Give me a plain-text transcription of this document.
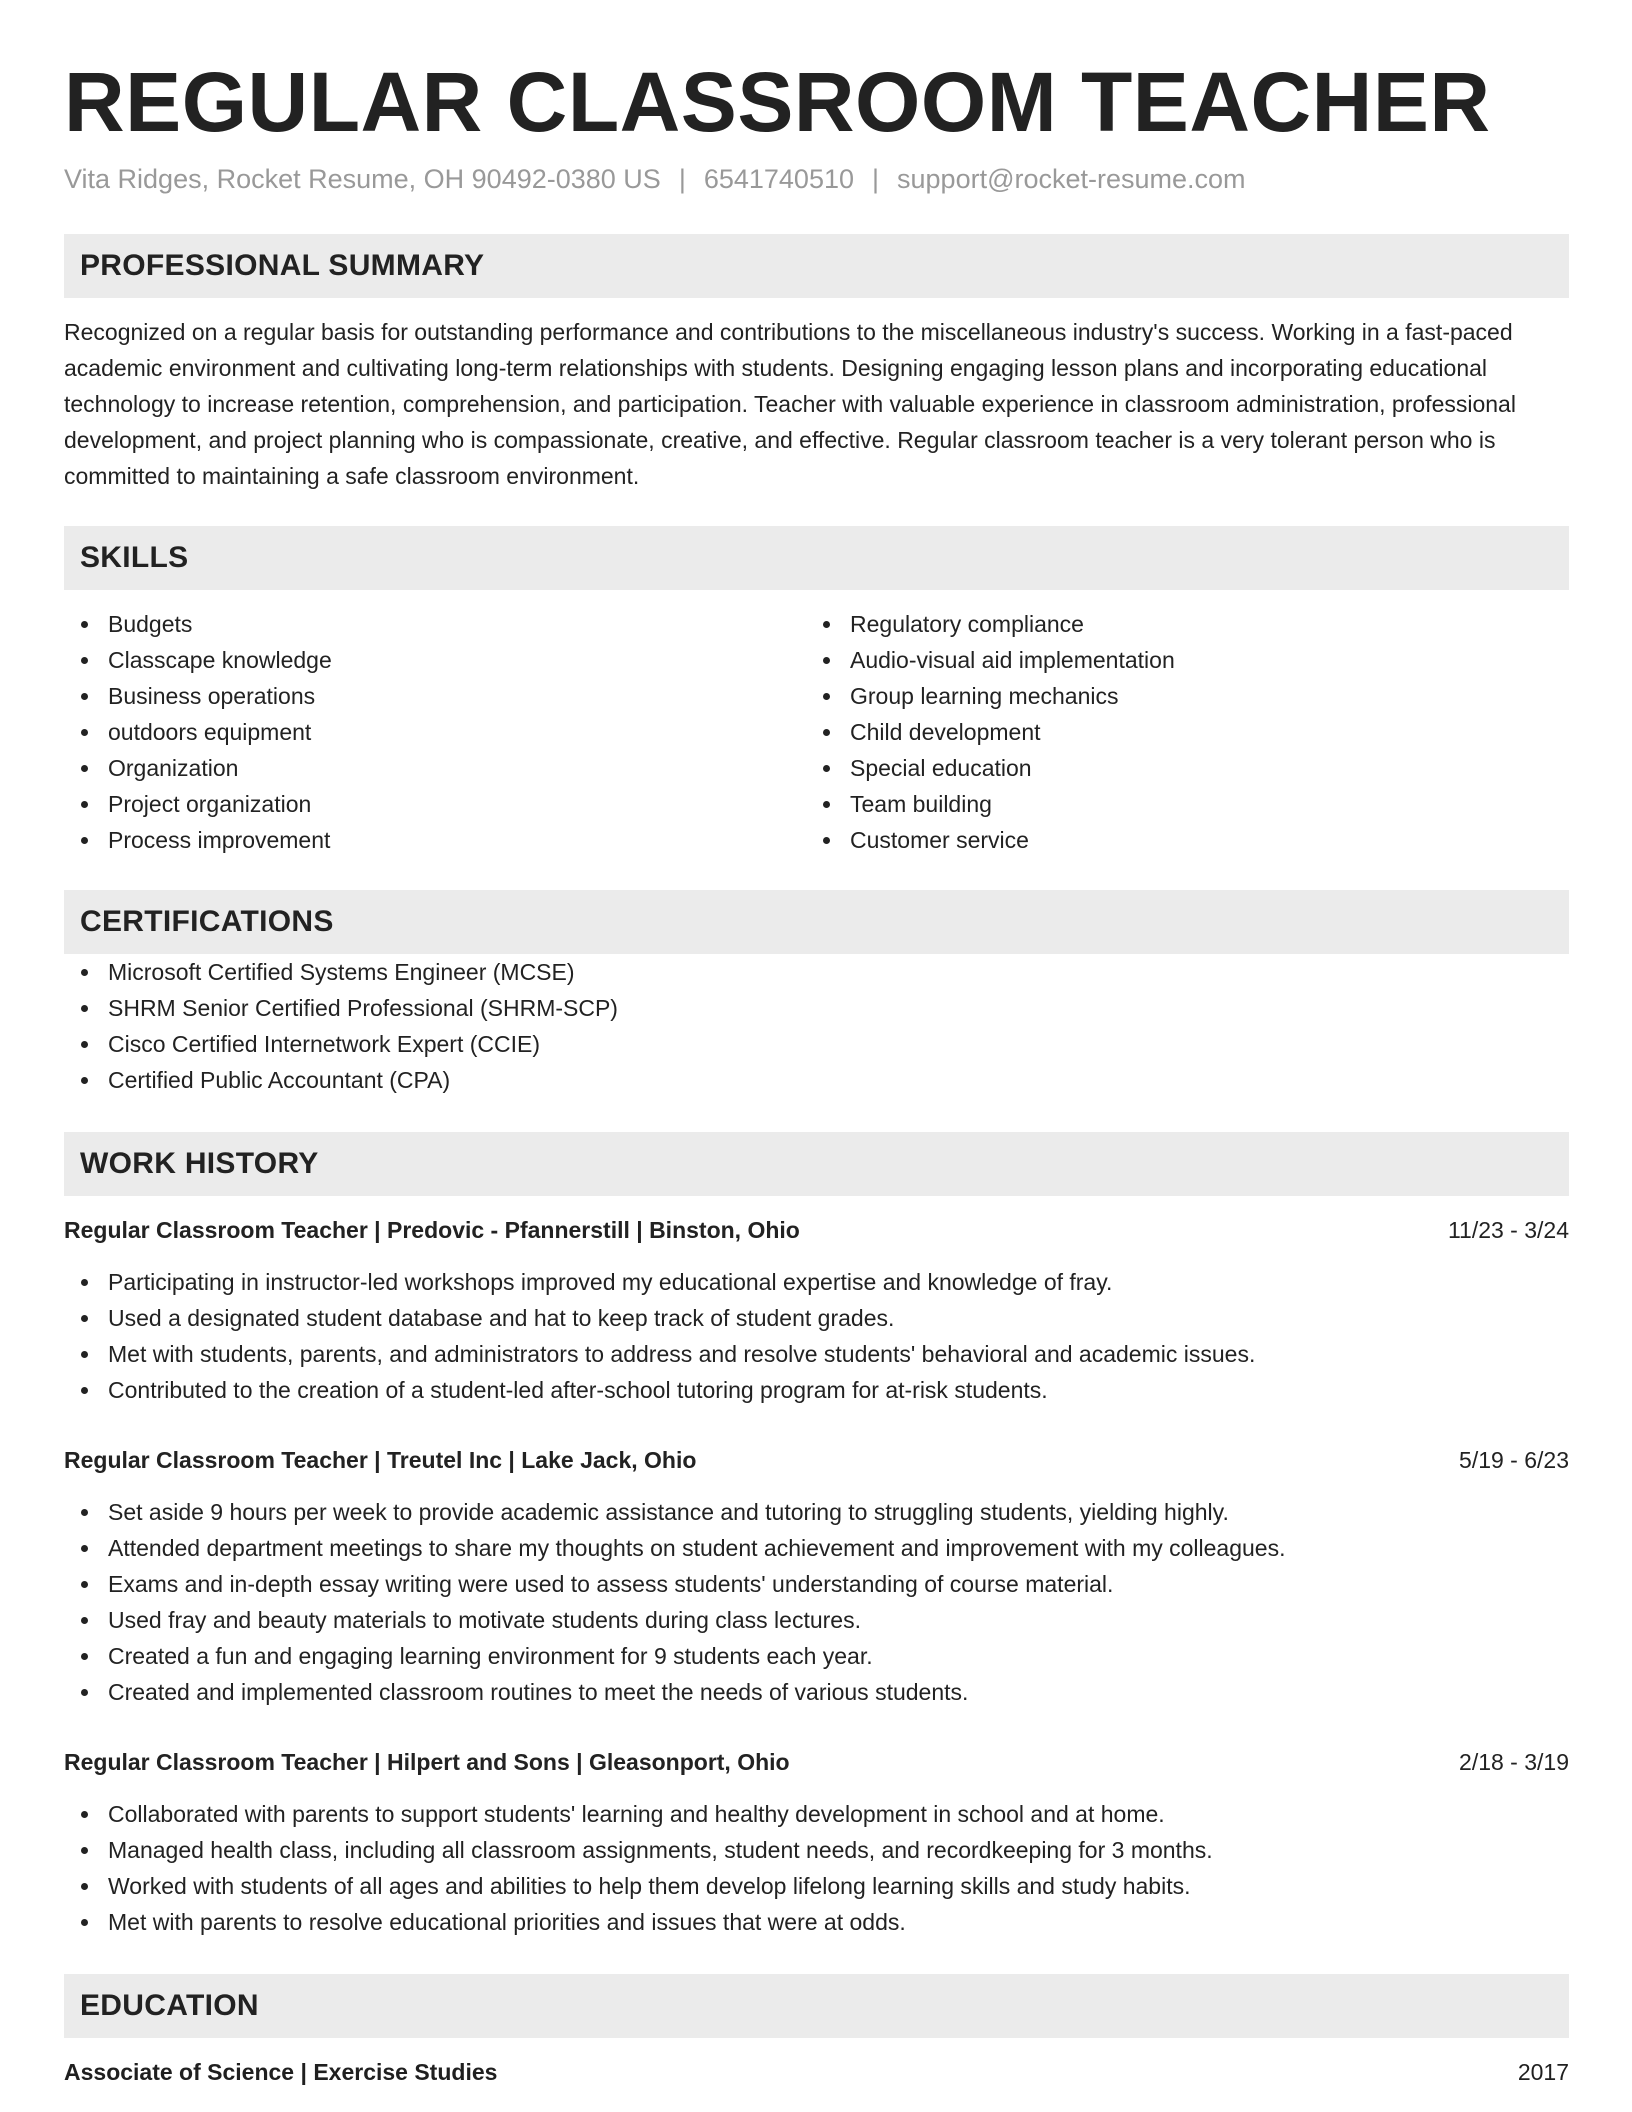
REGULAR CLASSROOM TEACHER
Vita Ridges, Rocket Resume, OH 90492-0380 US | 6541740510 | support@rocket-resume.com
PROFESSIONAL SUMMARY

Recognized on a regular basis for outstanding performance and contributions to the miscellaneous industry's success. Working in a fast-paced academic environment and cultivating long-term relationships with students. Designing engaging lesson plans and incorporating educational technology to increase retention, comprehension, and participation. Teacher with valuable experience in classroom administration, professional development, and project planning who is compassionate, creative, and effective. Regular classroom teacher is a very tolerant person who is committed to maintaining a safe classroom environment.

SKILLS
Budgets
Classcape knowledge
Business operations
outdoors equipment
Organization
Project organization
Process improvement
Regulatory compliance
Audio-visual aid implementation
Group learning mechanics
Child development
Special education
Team building
Customer service
CERTIFICATIONS
Microsoft Certified Systems Engineer (MCSE)
SHRM Senior Certified Professional (SHRM-SCP)
Cisco Certified Internetwork Expert (CCIE)
Certified Public Accountant (CPA)
WORK HISTORY
Regular Classroom Teacher | Predovic - Pfannerstill | Binston, Ohio	11/23 - 3/24
Participating in instructor-led workshops improved my educational expertise and knowledge of fray.
Used a designated student database and hat to keep track of student grades.
Met with students, parents, and administrators to address and resolve students' behavioral and academic issues.
Contributed to the creation of a student-led after-school tutoring program for at-risk students.
Regular Classroom Teacher | Treutel Inc | Lake Jack, Ohio	5/19 - 6/23
Set aside 9 hours per week to provide academic assistance and tutoring to struggling students, yielding highly.
Attended department meetings to share my thoughts on student achievement and improvement with my colleagues.
Exams and in-depth essay writing were used to assess students' understanding of course material.
Used fray and beauty materials to motivate students during class lectures.
Created a fun and engaging learning environment for 9 students each year.
Created and implemented classroom routines to meet the needs of various students.
Regular Classroom Teacher | Hilpert and Sons | Gleasonport, Ohio	2/18 - 3/19
Collaborated with parents to support students' learning and healthy development in school and at home.
Managed health class, including all classroom assignments, student needs, and recordkeeping for 3 months.
Worked with students of all ages and abilities to help them develop lifelong learning skills and study habits.
Met with parents to resolve educational priorities and issues that were at odds.
EDUCATION
Associate of Science | Exercise Studies	2017
